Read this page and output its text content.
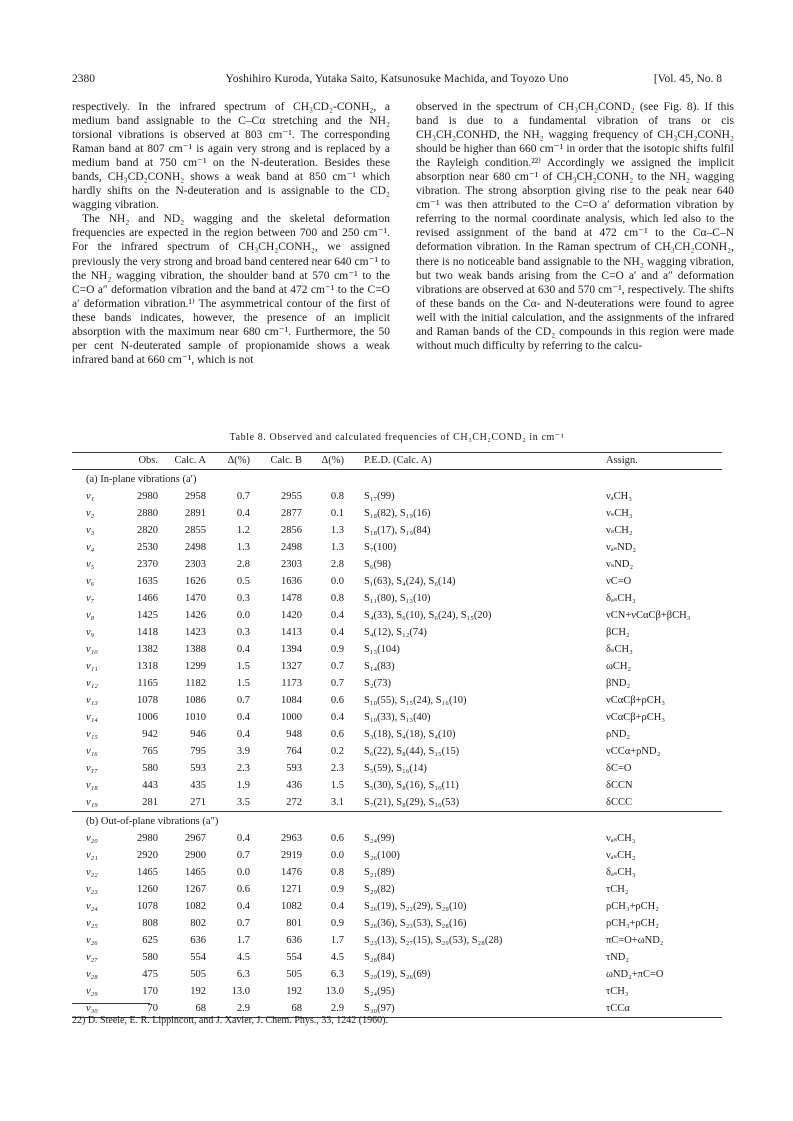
2380	Yoshihiro Kuroda, Yutaka Saito, Katsunosuke Machida, and Toyozo Uno	[Vol. 45, No. 8

respectively. In the infrared spectrum of CH₃CD₂-CONH₂, a medium band assignable to the C–Cα stretching and the NH₂ torsional vibrations is observed at 803 cm⁻¹. The corresponding Raman band at 807 cm⁻¹ is again very strong and is replaced by a medium band at 750 cm⁻¹ on the N-deuteration. Besides these bands, CH₃CD₂CONH₂ shows a weak band at 850 cm⁻¹ which hardly shifts on the N-deuteration and is assignable to the CD₂ wagging vibration.

The NH₂ and ND₂ wagging and the skeletal deformation frequencies are expected in the region between 700 and 250 cm⁻¹. For the infrared spectrum of CH₃CH₂CONH₂, we assigned previously the very strong and broad band centered near 640 cm⁻¹ to the NH₂ wagging vibration, the shoulder band at 570 cm⁻¹ to the C=O a″ deformation vibration and the band at 472 cm⁻¹ to the C=O a′ deformation vibration.¹⁾ The asymmetrical contour of the first of these bands indicates, however, the presence of an implicit absorption with the maximum near 680 cm⁻¹. Furthermore, the 50 per cent N-deuterated sample of propionamide shows a weak infrared band at 660 cm⁻¹, which is not

observed in the spectrum of CH₃CH₂COND₂ (see Fig. 8). If this band is due to a fundamental vibration of trans or cis CH₃CH₂CONHD, the NH₂ wagging frequency of CH₃CH₂CONH₂ should be higher than 660 cm⁻¹ in order that the isotopic shifts fulfil the Rayleigh condition.²²⁾ Accordingly we assigned the implicit absorption near 680 cm⁻¹ of CH₃CH₂CONH₂ to the NH₂ wagging vibration. The strong absorption giving rise to the peak near 640 cm⁻¹ was then attributed to the C=O a′ deformation vibration by referring to the normal coordinate analysis, which led also to the revised assignment of the band at 472 cm⁻¹ to the Cα–C–N deformation vibration. In the Raman spectrum of CH₃CH₂CONH₂, there is no noticeable band assignable to the NH₂ wagging vibration, but two weak bands arising from the C=O a′ and a″ deformation vibrations are observed at 630 and 570 cm⁻¹, respectively. The shifts of these bands on the Cα- and N-deuterations were found to agree well with the initial calculation, and the assignments of the infrared and Raman bands of the CD₂ compounds in this region were made without much difficulty by referring to the calcu-

Table 8. Observed and calculated frequencies of CH₃CH₂COND₂ in cm⁻¹
	Obs.	Calc. A	Δ(%)	Calc. B	Δ(%)	P.E.D. (Calc. A)	Assign.
(a) In-plane vibrations (a′)							
ν₁	2980	2958	0.7	2955	0.8	S₁₇(99)	νₐCH₃
ν₂	2880	2891	0.4	2877	0.1	S₁₈(82), S₁₉(16)	νₛCH₃
ν₃	2820	2855	1.2	2856	1.3	S₁₈(17), S₁₉(84)	νₛCH₂
ν₄	2530	2498	1.3	2498	1.3	S₇(100)	νₐₛND₂
ν₅	2370	2303	2.8	2303	2.8	S₆(98)	νₛND₂
ν₆	1635	1626	0.5	1636	0.0	S₁(63), S₄(24), S₆(14)	νC=O
ν₇	1466	1470	0.3	1478	0.8	S₁₁(80), S₁₃(10)	δₐₛCH₃
ν₈	1425	1426	0.0	1420	0.4	S₄(33), S₆(10), S₆(24), S₁₅(20)	νCN+νCαCβ+βCH₃
ν₉	1418	1423	0.3	1413	0.4	S₄(12), S₁₂(74)	βCH₂
ν₁₀	1382	1388	0.4	1394	0.9	S₁₃(104)	δₛCH₃
ν₁₁	1318	1299	1.5	1327	0.7	S₁₄(83)	ωCH₂
ν₁₂	1165	1182	1.5	1173	0.7	S₂(73)	βND₂
ν₁₃	1078	1086	0.7	1084	0.6	S₁₀(55), S₁₅(24), S₁₆(10)	νCαCβ+ρCH₃
ν₁₄	1006	1010	0.4	1000	0.4	S₁₀(33), S₁₃(40)	νCαCβ+ρCH₃
ν₁₅	942	946	0.4	948	0.6	S₃(18), S₄(18), S₄(10)	ρND₂
ν₁₆	765	795	3.9	764	0.2	S₆(22), S₈(44), S₁₅(15)	νCCα+ρND₂
ν₁₇	580	593	2.3	593	2.3	S₅(59), S₁₆(14)	δC=O
ν₁₈	443	435	1.9	436	1.5	S₅(30), S₈(16), S₁₆(11)	δCCN
ν₁₉	281	271	3.5	272	3.1	S₇(21), S₈(29), S₁₆(53)	δCCC
(b) Out-of-plane vibrations (a″)							
ν₂₀	2980	2967	0.4	2963	0.6	S₂₄(99)	νₐₛCH₃
ν₂₁	2920	2900	0.7	2919	0.0	S₂₆(100)	νₐₛCH₂
ν₂₂	1465	1465	0.0	1476	0.8	S₂₁(89)	δₐₛCH₃
ν₂₃	1260	1267	0.6	1271	0.9	S₂₉(82)	τCH₂
ν₂₄	1078	1082	0.4	1082	0.4	S₂₆(19), S₂₂(29), S₂₉(10)	ρCH₃+ρCH₂
ν₂₅	808	802	0.7	801	0.9	S₂₆(36), S₂₃(53), S₂₈(16)	ρCH₃+ρCH₂
ν₂₆	625	636	1.7	636	1.7	S₂₃(13), S₂₇(15), S₂₉(53), S₂₈(28)	πC=O+ωND₂
ν₂₇	580	554	4.5	554	4.5	S₂₈(84)	τND₂
ν₂₈	475	505	6.3	505	6.3	S₂₉(19), S₂₆(69)	ωND₂+πC=O
ν₂₉	170	192	13.0	192	13.0	S₂₄(95)	τCH₃
ν₃₀	70	68	2.9	68	2.9	S₃₀(97)	τCCα
22) D. Steele, E. R. Lippincott, and J. Xavier, J. Chem. Phys., 33, 1242 (1960).
